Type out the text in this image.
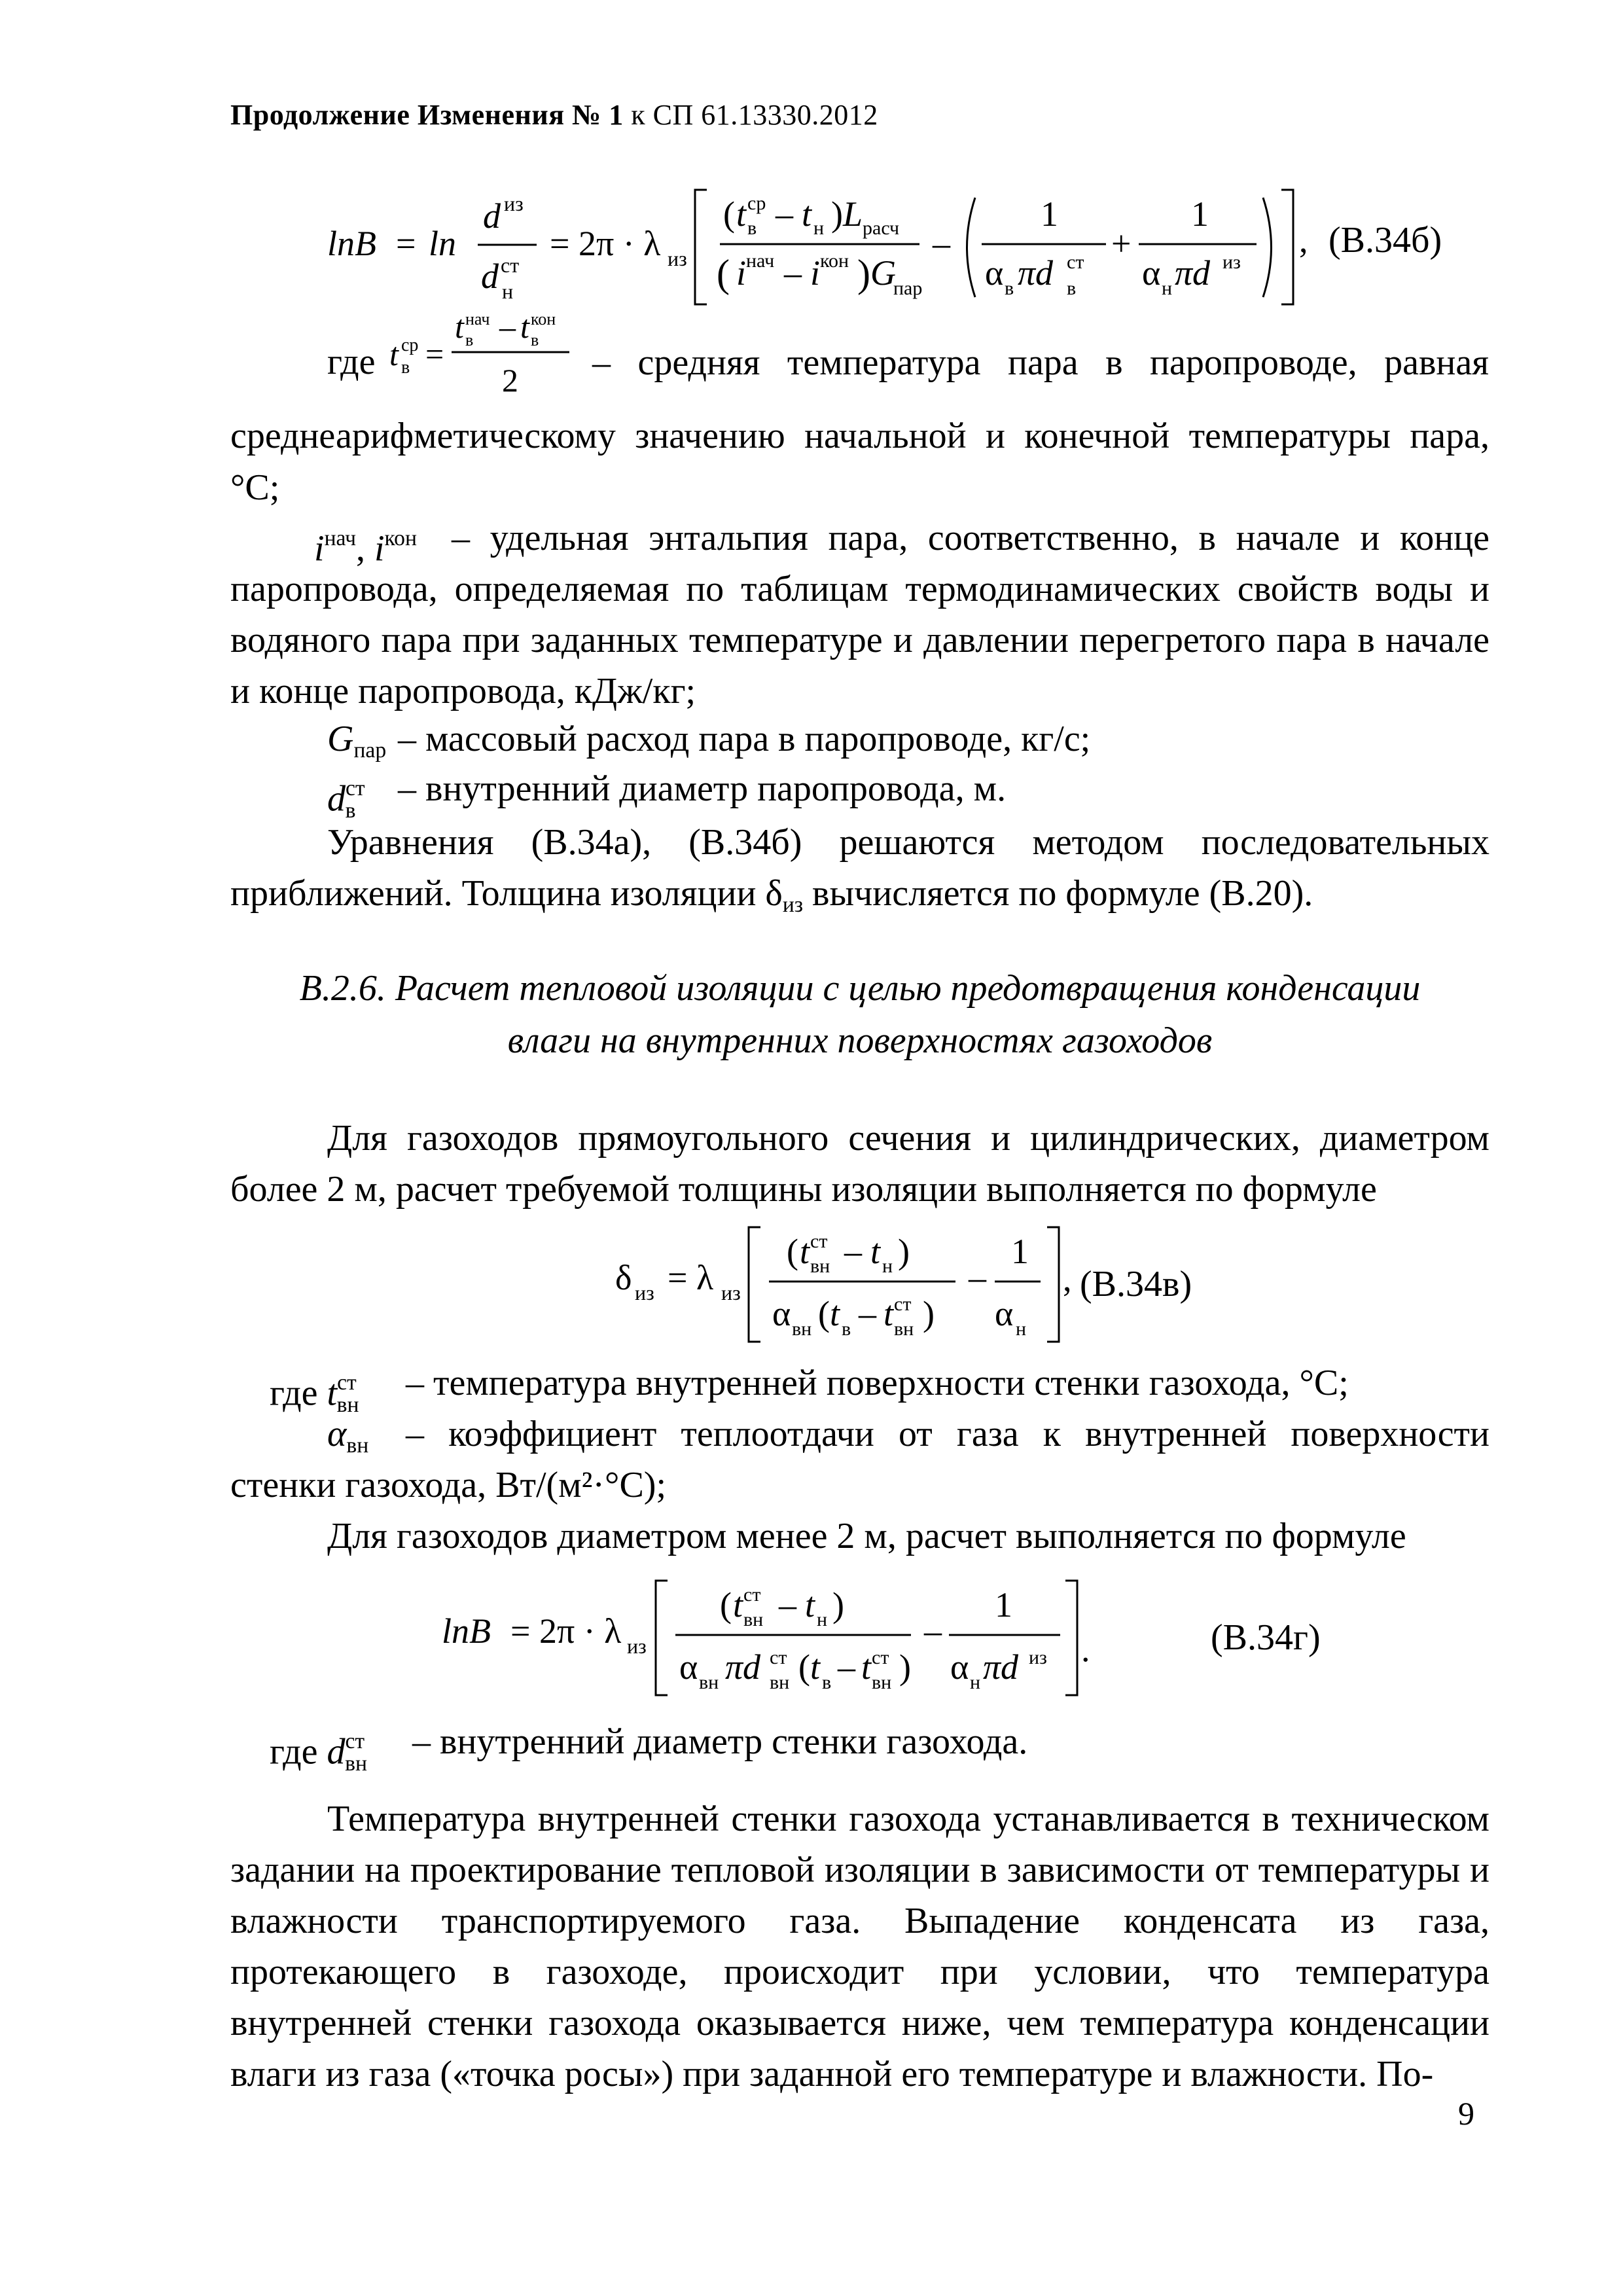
Продолжение Изменения № 1 к СП 61.13330.2012
lnB = ln
d из
d ст
н
= 2π · λ из
( t ср
в – t н ) L расч
( i нач – i кон ) G
пар
–
1
α в πd ст
в
+
1
α н πd из
, (В.34б)
где t ср
в =
t нач
в – t кон
в
2 – средняя температура пара в паропроводе, равная
среднеарифметическому значению начальной и конечной температуры пара,
°С;
$i^{нач}$, $i^{кон}$ – удельная энтальпия пара, соответственно, в начале и конце
паропровода, определяемая по таблицам термодинамических свойств воды и водяного пара при заданных температуре и давлении перегретого пара в начале и конце паропровода, кДж/кг;
$G_{пар}$ – массовый расход пара в паропроводе, кг/с;
$d^{ст}_в$
– внутренний диаметр паропровода, м.
Уравнения (В.34а), (В.34б) решаются методом последовательных приближений. Толщина изоляции $\delta_{из}$ вычисляется по формуле (В.20).
В.2.6. Расчет тепловой изоляции с целью предотвращения конденсации
влаги на внутренних поверхностях газоходов
Для газоходов прямоугольного сечения и цилиндрических, диаметром более 2 м, расчет требуемой толщины изоляции выполняется по формуле
δ из = λ из
( t ст
вн – t н )
α вн ( t в – t ст
вн )
–
1
α н
, (В.34в)
где $t^{ст}_{вн}$
– температура внутренней поверхности стенки газохода, °С;
$\alpha_{вн}$ – коэффициент теплоотдачи от газа к внутренней поверхности
стенки газохода, Вт/(м²·°С);
Для газоходов диаметром менее 2 м, расчет выполняется по формуле
lnB = 2π · λ из
( t ст
вн – t н )
α вн πd ст
вн ( t в – t ст
вн )
–
1
α н πd из .	(В.34г)
где $d^{ст}_{вн}$
– внутренний диаметр стенки газохода.
Температура внутренней стенки газохода устанавливается в техническом задании на проектирование тепловой изоляции в зависимости от температуры и влажности транспортируемого газа. Выпадение конденсата из газа, протекающего в газоходе, происходит при условии, что температура внутренней стенки газохода оказывается ниже, чем температура конденсации влаги из газа («точка росы») при заданной его температуре и влажности. По-
9
